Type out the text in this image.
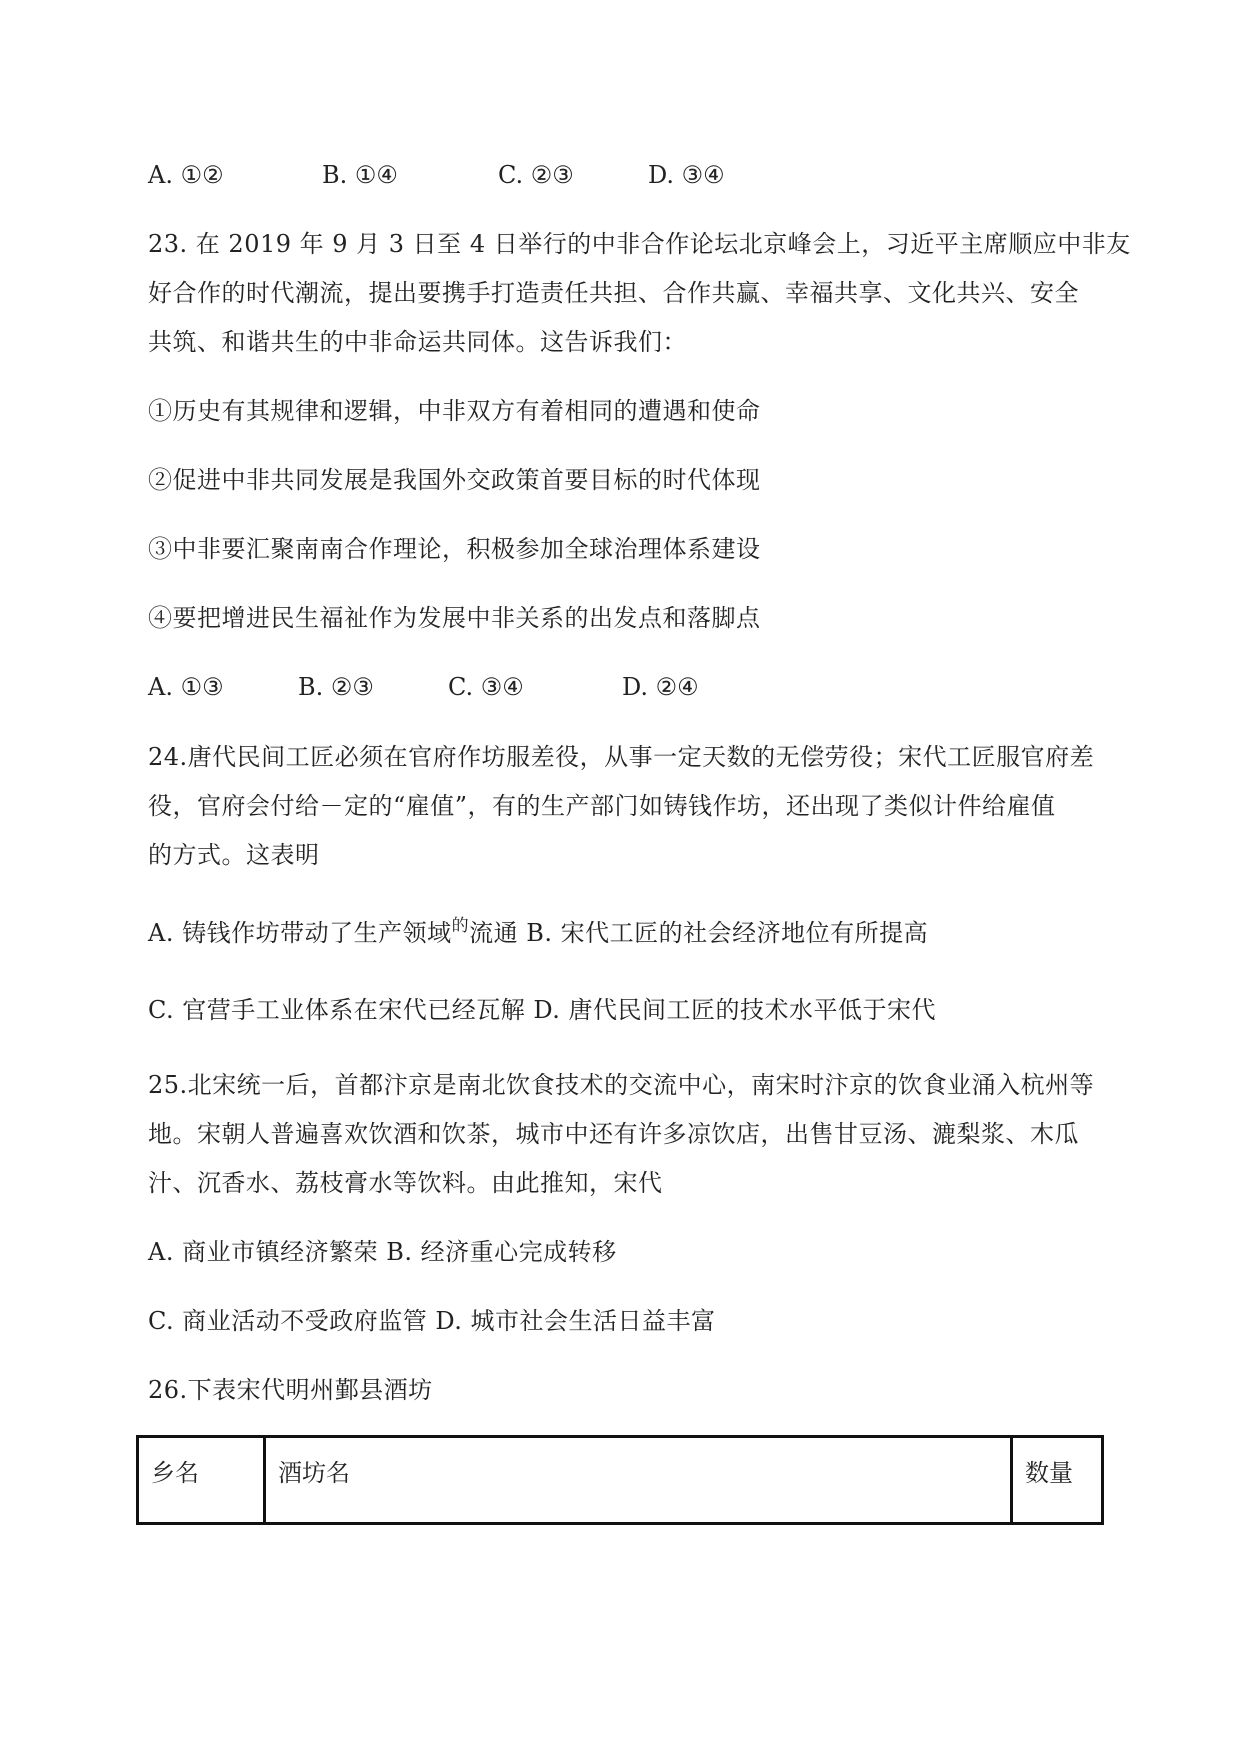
A. ①②	B. ①④	C. ②③	D. ③④
23. 在 2019 年 9 月 3 日至 4 日举行的中非合作论坛北京峰会上，习近平主席顺应中非友
好合作的时代潮流，提出要携手打造责任共担、合作共赢、幸福共享、文化共兴、安全
共筑、和谐共生的中非命运共同体。这告诉我们：
①历史有其规律和逻辑，中非双方有着相同的遭遇和使命
②促进中非共同发展是我国外交政策首要目标的时代体现
③中非要汇聚南南合作理论，积极参加全球治理体系建设
④要把增进民生福祉作为发展中非关系的出发点和落脚点
A. ①③	B. ②③	C. ③④	D. ②④
24.唐代民间工匠必须在官府作坊服差役，从事一定天数的无偿劳役；宋代工匠服官府差
役，官府会付给－定的“雇值”，有的生产部门如铸钱作坊，还出现了类似计件给雇值
的方式。这表明
A. 铸钱作坊带动了生产领域$^的$流通 B. 宋代工匠的社会经济地位有所提高
C. 官营手工业体系在宋代已经瓦解 D. 唐代民间工匠的技术水平低于宋代
25.北宋统一后，首都汴京是南北饮食技术的交流中心，南宋时汴京的饮食业涌入杭州等
地。宋朝人普遍喜欢饮酒和饮茶，城市中还有许多凉饮店，出售甘豆汤、漉梨浆、木瓜
汁、沉香水、荔枝膏水等饮料。由此推知，宋代
A. 商业市镇经济繁荣 B. 经济重心完成转移
C. 商业活动不受政府监管 D. 城市社会生活日益丰富
26.下表宋代明州鄞县酒坊
乡名	酒坊名	数量
